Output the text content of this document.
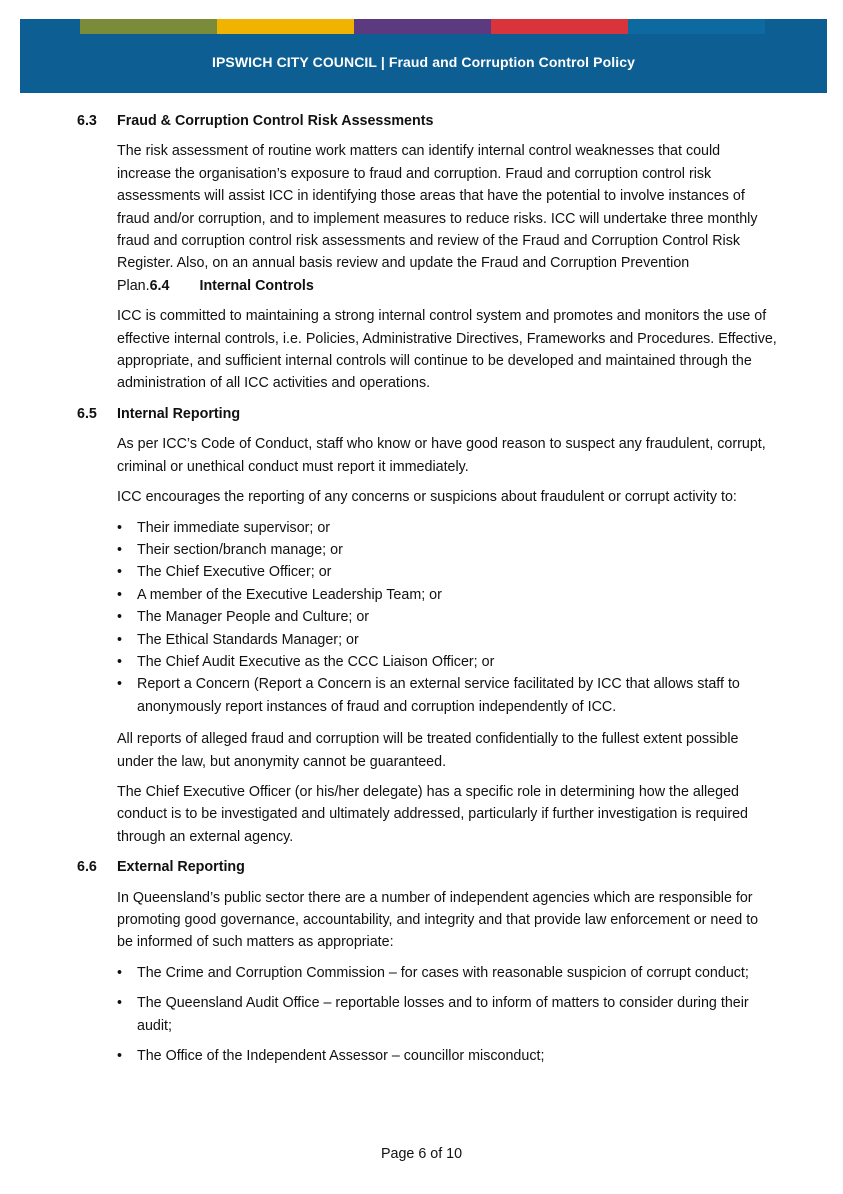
IPSWICH CITY COUNCIL | Fraud and Corruption Control Policy
6.3	Fraud & Corruption Control Risk Assessments

The risk assessment of routine work matters can identify internal control weaknesses that could increase the organisation’s exposure to fraud and corruption. Fraud and corruption control risk assessments will assist ICC in identifying those areas that have the potential to involve instances of fraud and/or corruption, and to implement measures to reduce risks. ICC will undertake three monthly fraud and corruption control risk assessments and review of the Fraud and Corruption Control Risk Register. Also, on an annual basis review and update the Fraud and Corruption Prevention Plan.6.4 Internal Controls

ICC is committed to maintaining a strong internal control system and promotes and monitors the use of effective internal controls, i.e. Policies, Administrative Directives, Frameworks and Procedures. Effective, appropriate, and sufficient internal controls will continue to be developed and maintained through the administration of all ICC activities and operations.

6.5	Internal Reporting

As per ICC’s Code of Conduct, staff who know or have good reason to suspect any fraudulent, corrupt, criminal or unethical conduct must report it immediately.

ICC encourages the reporting of any concerns or suspicions about fraudulent or corrupt activity to:

• Their immediate supervisor; or
• Their section/branch manage; or
• The Chief Executive Officer; or
• A member of the Executive Leadership Team; or
• The Manager People and Culture; or
• The Ethical Standards Manager; or
• The Chief Audit Executive as the CCC Liaison Officer; or
• Report a Concern (Report a Concern is an external service facilitated by ICC that allows staff to anonymously report instances of fraud and corruption independently of ICC.

All reports of alleged fraud and corruption will be treated confidentially to the fullest extent possible under the law, but anonymity cannot be guaranteed.

The Chief Executive Officer (or his/her delegate) has a specific role in determining how the alleged conduct is to be investigated and ultimately addressed, particularly if further investigation is required through an external agency.

6.6	External Reporting

In Queensland’s public sector there are a number of independent agencies which are responsible for promoting good governance, accountability, and integrity and that provide law enforcement or need to be informed of such matters as appropriate:

• The Crime and Corruption Commission – for cases with reasonable suspicion of corrupt conduct;
• The Queensland Audit Office – reportable losses and to inform of matters to consider during their audit;
• The Office of the Independent Assessor – councillor misconduct;
Page 6 of 10
